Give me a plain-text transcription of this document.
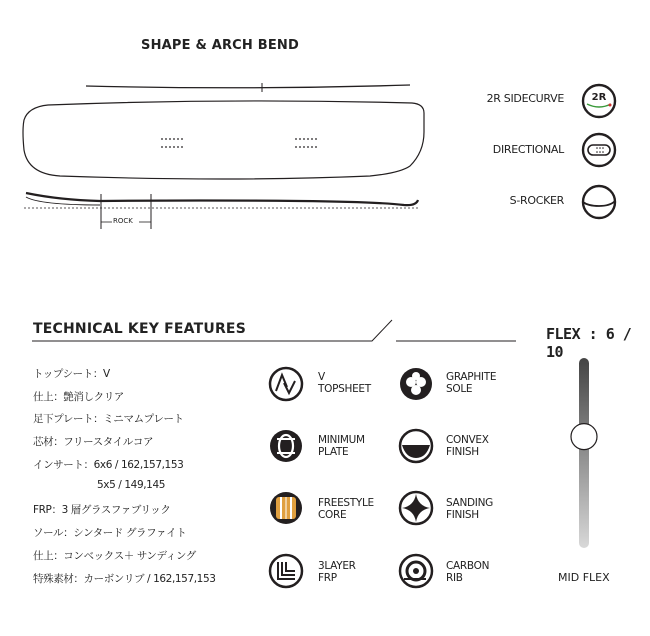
SHAPE & ARCH BEND
ROCK
2R SIDECURVE
DIRECTIONAL
S-ROCKER
2R
TECHNICAL KEY FEATURES
トップシート：V
仕上：艶消しクリア
足下プレート：ミニマムプレート
芯材：フリースタイルコア
インサート：6x6 / 162,157,153
5x5 / 149,145
FRP：3 層グラスファブリック
ソール：シンタード グラファイト
仕上：コンベックス＋ サンディング
特殊素材：カーボンリブ / 162,157,153
V
TOPSHEET
MINIMUM
PLATE
FREESTYLE
CORE
3LAYER
FRP
GRAPHITE
SOLE
CONVEX
FINISH
SANDING
FINISH
CARBON
RIB
FLEX : 6 / 10
MID FLEX
